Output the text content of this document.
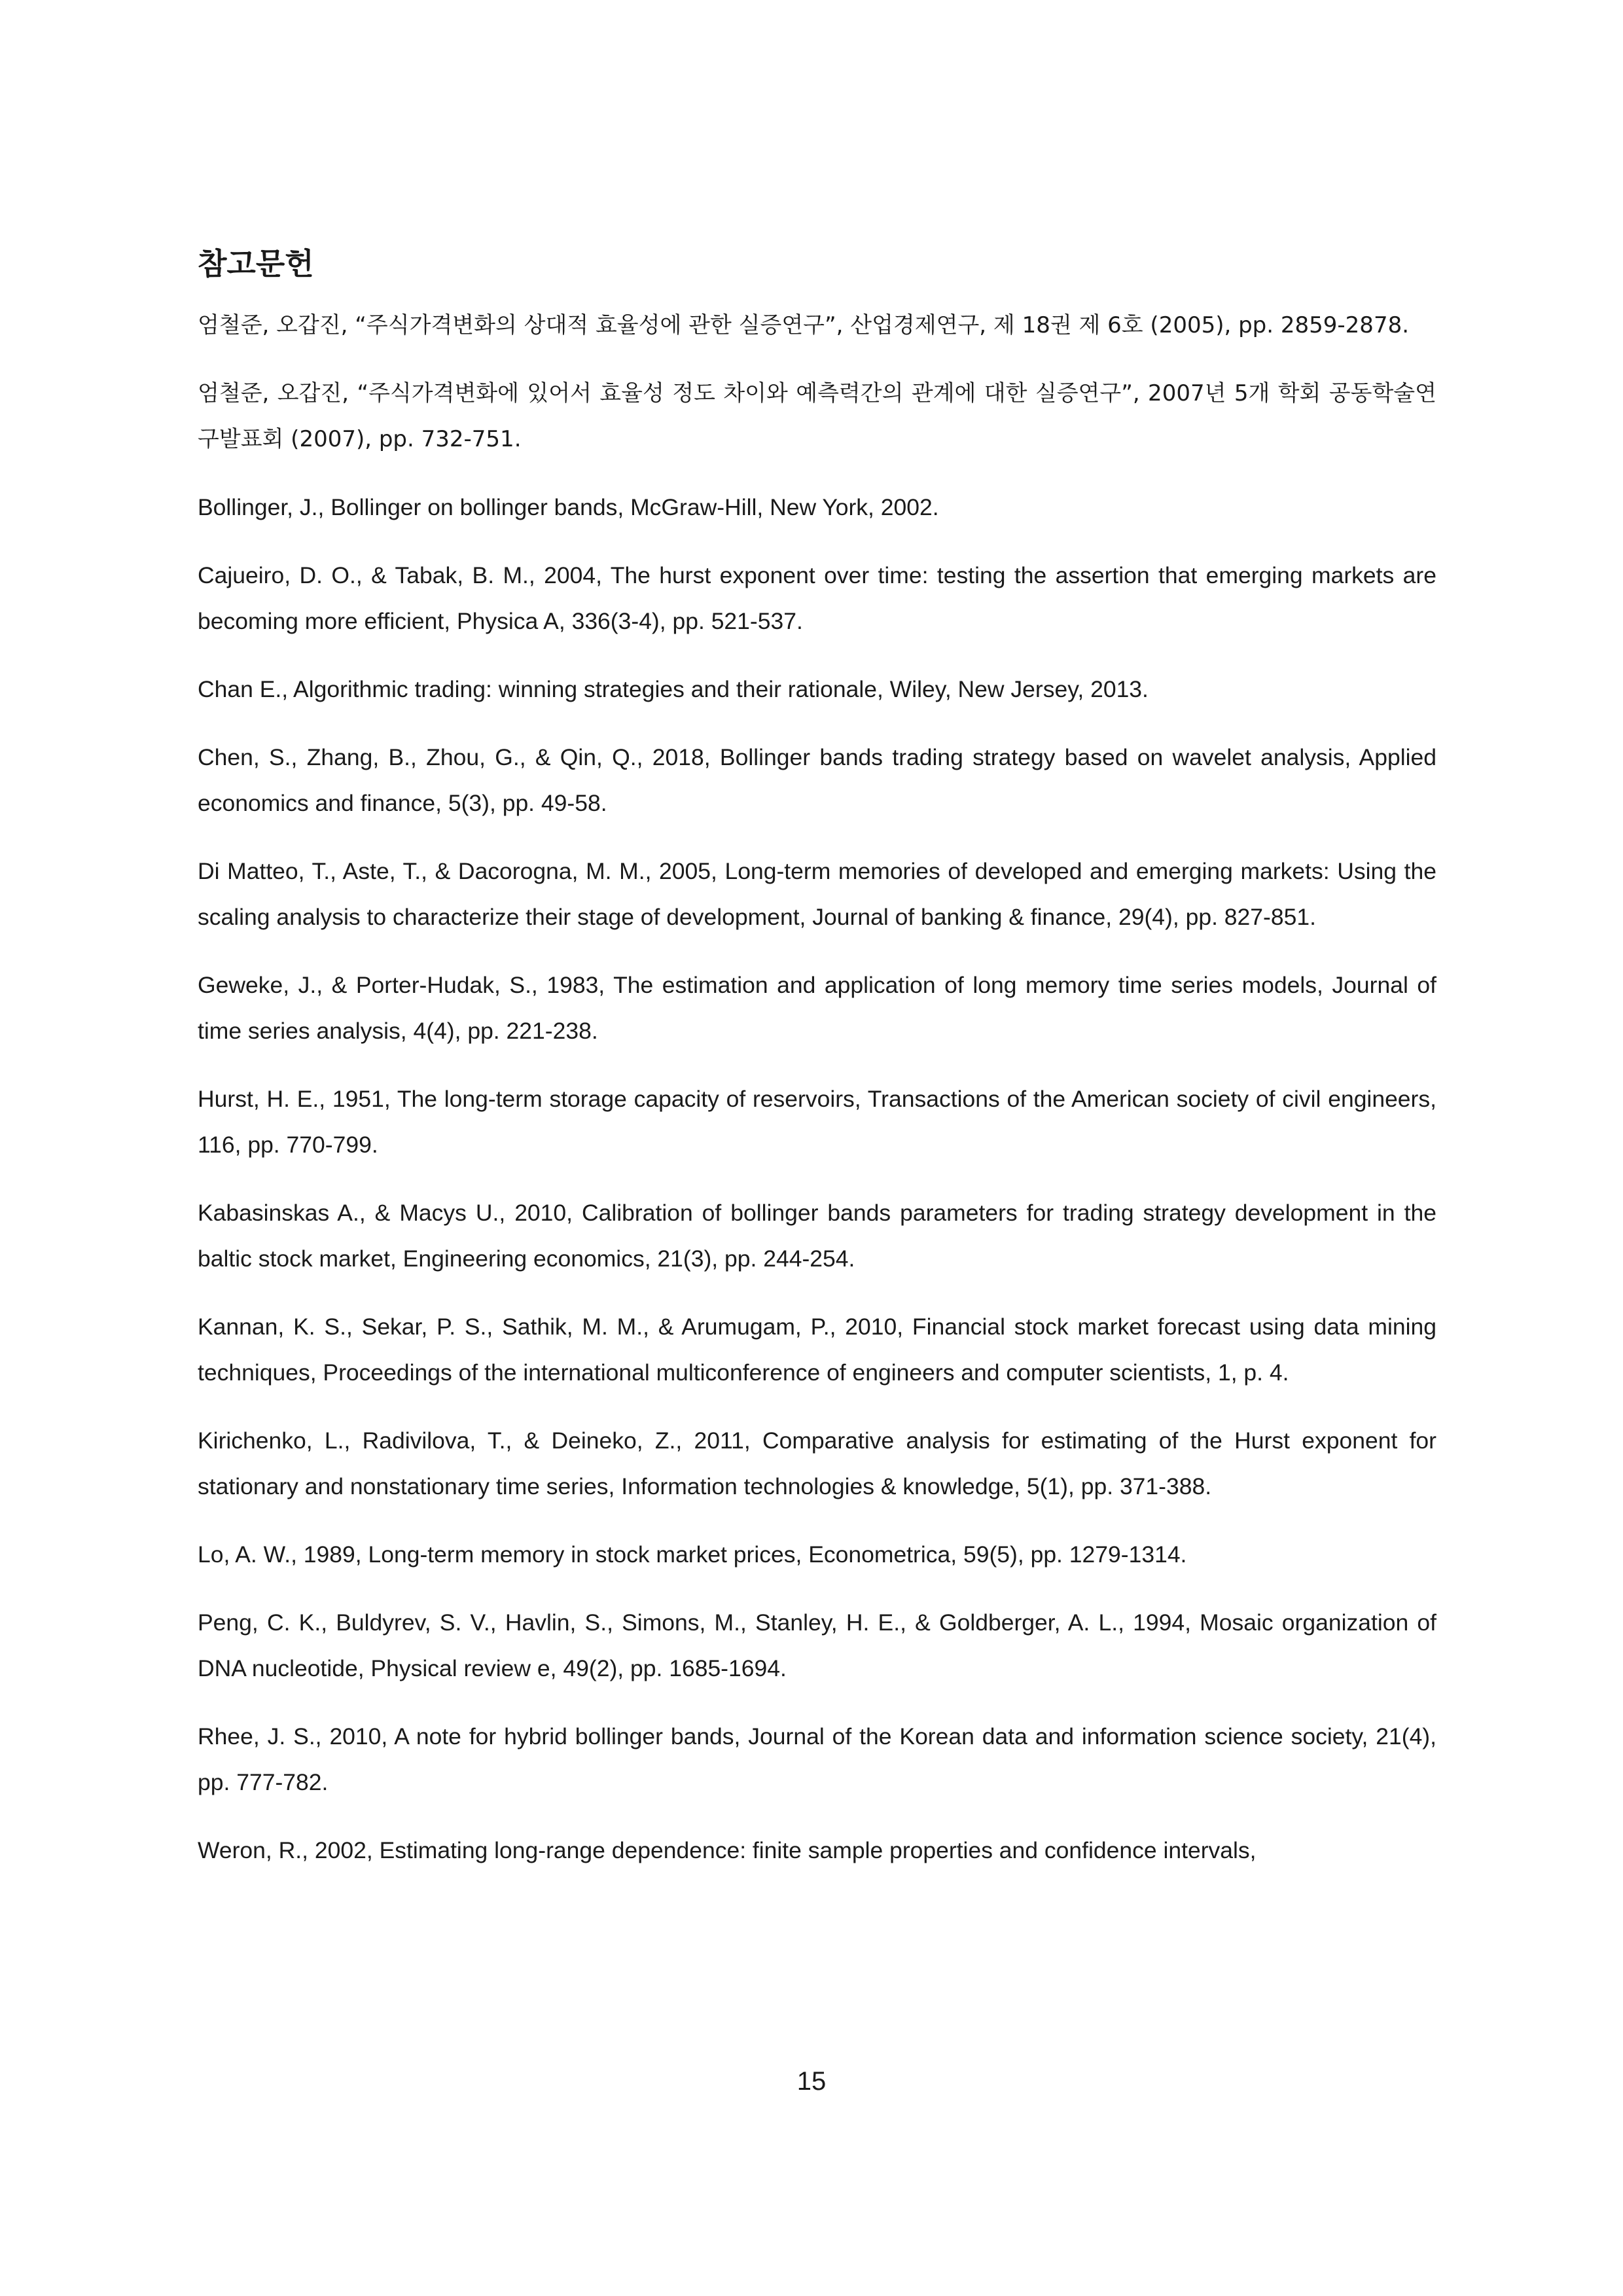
참고문헌
엄철준, 오갑진, “주식가격변화의 상대적 효율성에 관한 실증연구”, 산업경제연구, 제 18권 제 6호 (2005), pp. 2859-2878.
엄철준, 오갑진, “주식가격변화에 있어서 효율성 정도 차이와 예측력간의 관계에 대한 실증연구”, 2007년 5개 학회 공동학술연구발표회 (2007), pp. 732-751.
Bollinger, J., Bollinger on bollinger bands, McGraw-Hill, New York, 2002.
Cajueiro, D. O., & Tabak, B. M., 2004, The hurst exponent over time: testing the assertion that emerging markets are becoming more efficient, Physica A, 336(3-4), pp. 521-537.
Chan E., Algorithmic trading: winning strategies and their rationale, Wiley, New Jersey, 2013.
Chen, S., Zhang, B., Zhou, G., & Qin, Q., 2018, Bollinger bands trading strategy based on wavelet analysis, Applied economics and finance, 5(3), pp. 49-58.
Di Matteo, T., Aste, T., & Dacorogna, M. M., 2005, Long-term memories of developed and emerging markets: Using the scaling analysis to characterize their stage of development, Journal of banking & finance, 29(4), pp. 827-851.
Geweke, J., & Porter-Hudak, S., 1983, The estimation and application of long memory time series models, Journal of time series analysis, 4(4), pp. 221-238.
Hurst, H. E., 1951, The long-term storage capacity of reservoirs, Transactions of the American society of civil engineers, 116, pp. 770-799.
Kabasinskas A., & Macys U., 2010, Calibration of bollinger bands parameters for trading strategy development in the baltic stock market, Engineering economics, 21(3), pp. 244-254.
Kannan, K. S., Sekar, P. S., Sathik, M. M., & Arumugam, P., 2010, Financial stock market forecast using data mining techniques, Proceedings of the international multiconference of engineers and computer scientists, 1, p. 4.
Kirichenko, L., Radivilova, T., & Deineko, Z., 2011, Comparative analysis for estimating of the Hurst exponent for stationary and nonstationary time series, Information technologies & knowledge, 5(1), pp. 371-388.
Lo, A. W., 1989, Long-term memory in stock market prices, Econometrica, 59(5), pp. 1279-1314.
Peng, C. K., Buldyrev, S. V., Havlin, S., Simons, M., Stanley, H. E., & Goldberger, A. L., 1994, Mosaic organization of DNA nucleotide, Physical review e, 49(2), pp. 1685-1694.
Rhee, J. S., 2010, A note for hybrid bollinger bands, Journal of the Korean data and information science society, 21(4), pp. 777-782.
Weron, R., 2002, Estimating long-range dependence: finite sample properties and confidence intervals,
15
